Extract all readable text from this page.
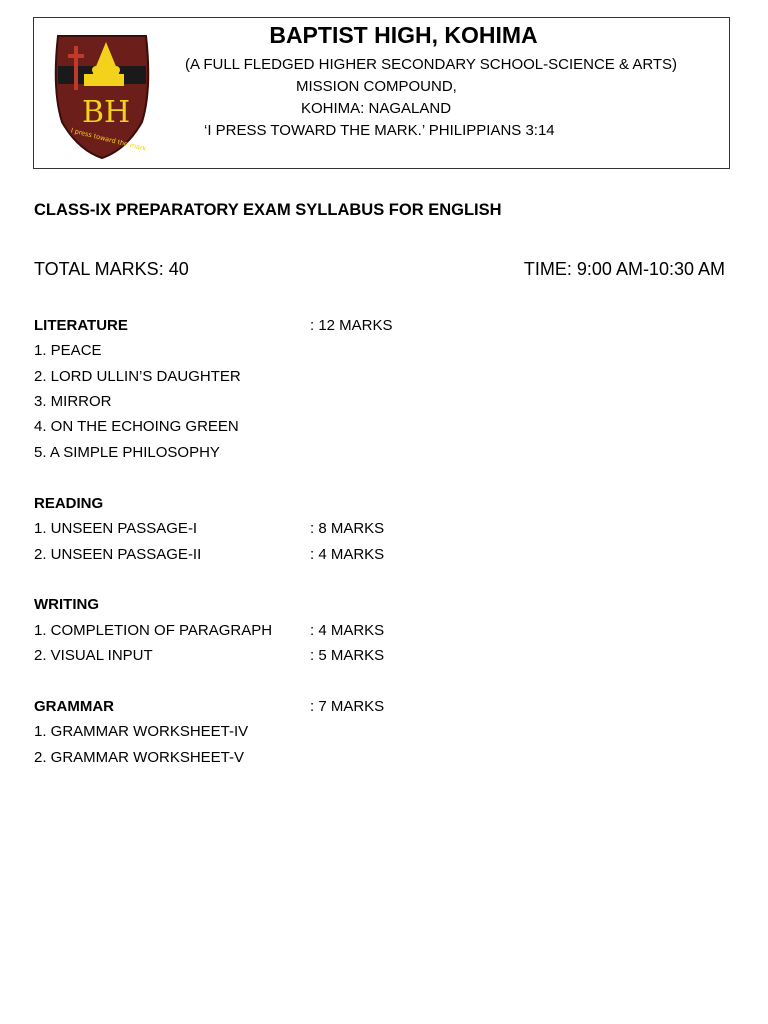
BH
I press toward the mark
BAPTIST HIGH, KOHIMA
(A FULL FLEDGED HIGHER SECONDARY SCHOOL-SCIENCE & ARTS)
MISSION COMPOUND,
KOHIMA: NAGALAND
‘I PRESS TOWARD THE MARK.’ PHILIPPIANS 3:14
CLASS-IX PREPARATORY EXAM SYLLABUS FOR ENGLISH
TOTAL MARKS: 40	TIME: 9:00 AM-10:30 AM
LITERATURE	: 12 MARKS
1. PEACE
2. LORD ULLIN’S DAUGHTER
3. MIRROR
4. ON THE ECHOING GREEN
5. A SIMPLE PHILOSOPHY
READING
1. UNSEEN PASSAGE-I	: 8 MARKS
2. UNSEEN PASSAGE-II	: 4 MARKS
WRITING
1. COMPLETION OF PARAGRAPH	: 4 MARKS
2. VISUAL INPUT	: 5 MARKS
GRAMMAR	: 7 MARKS
1. GRAMMAR WORKSHEET-IV
2. GRAMMAR WORKSHEET-V
